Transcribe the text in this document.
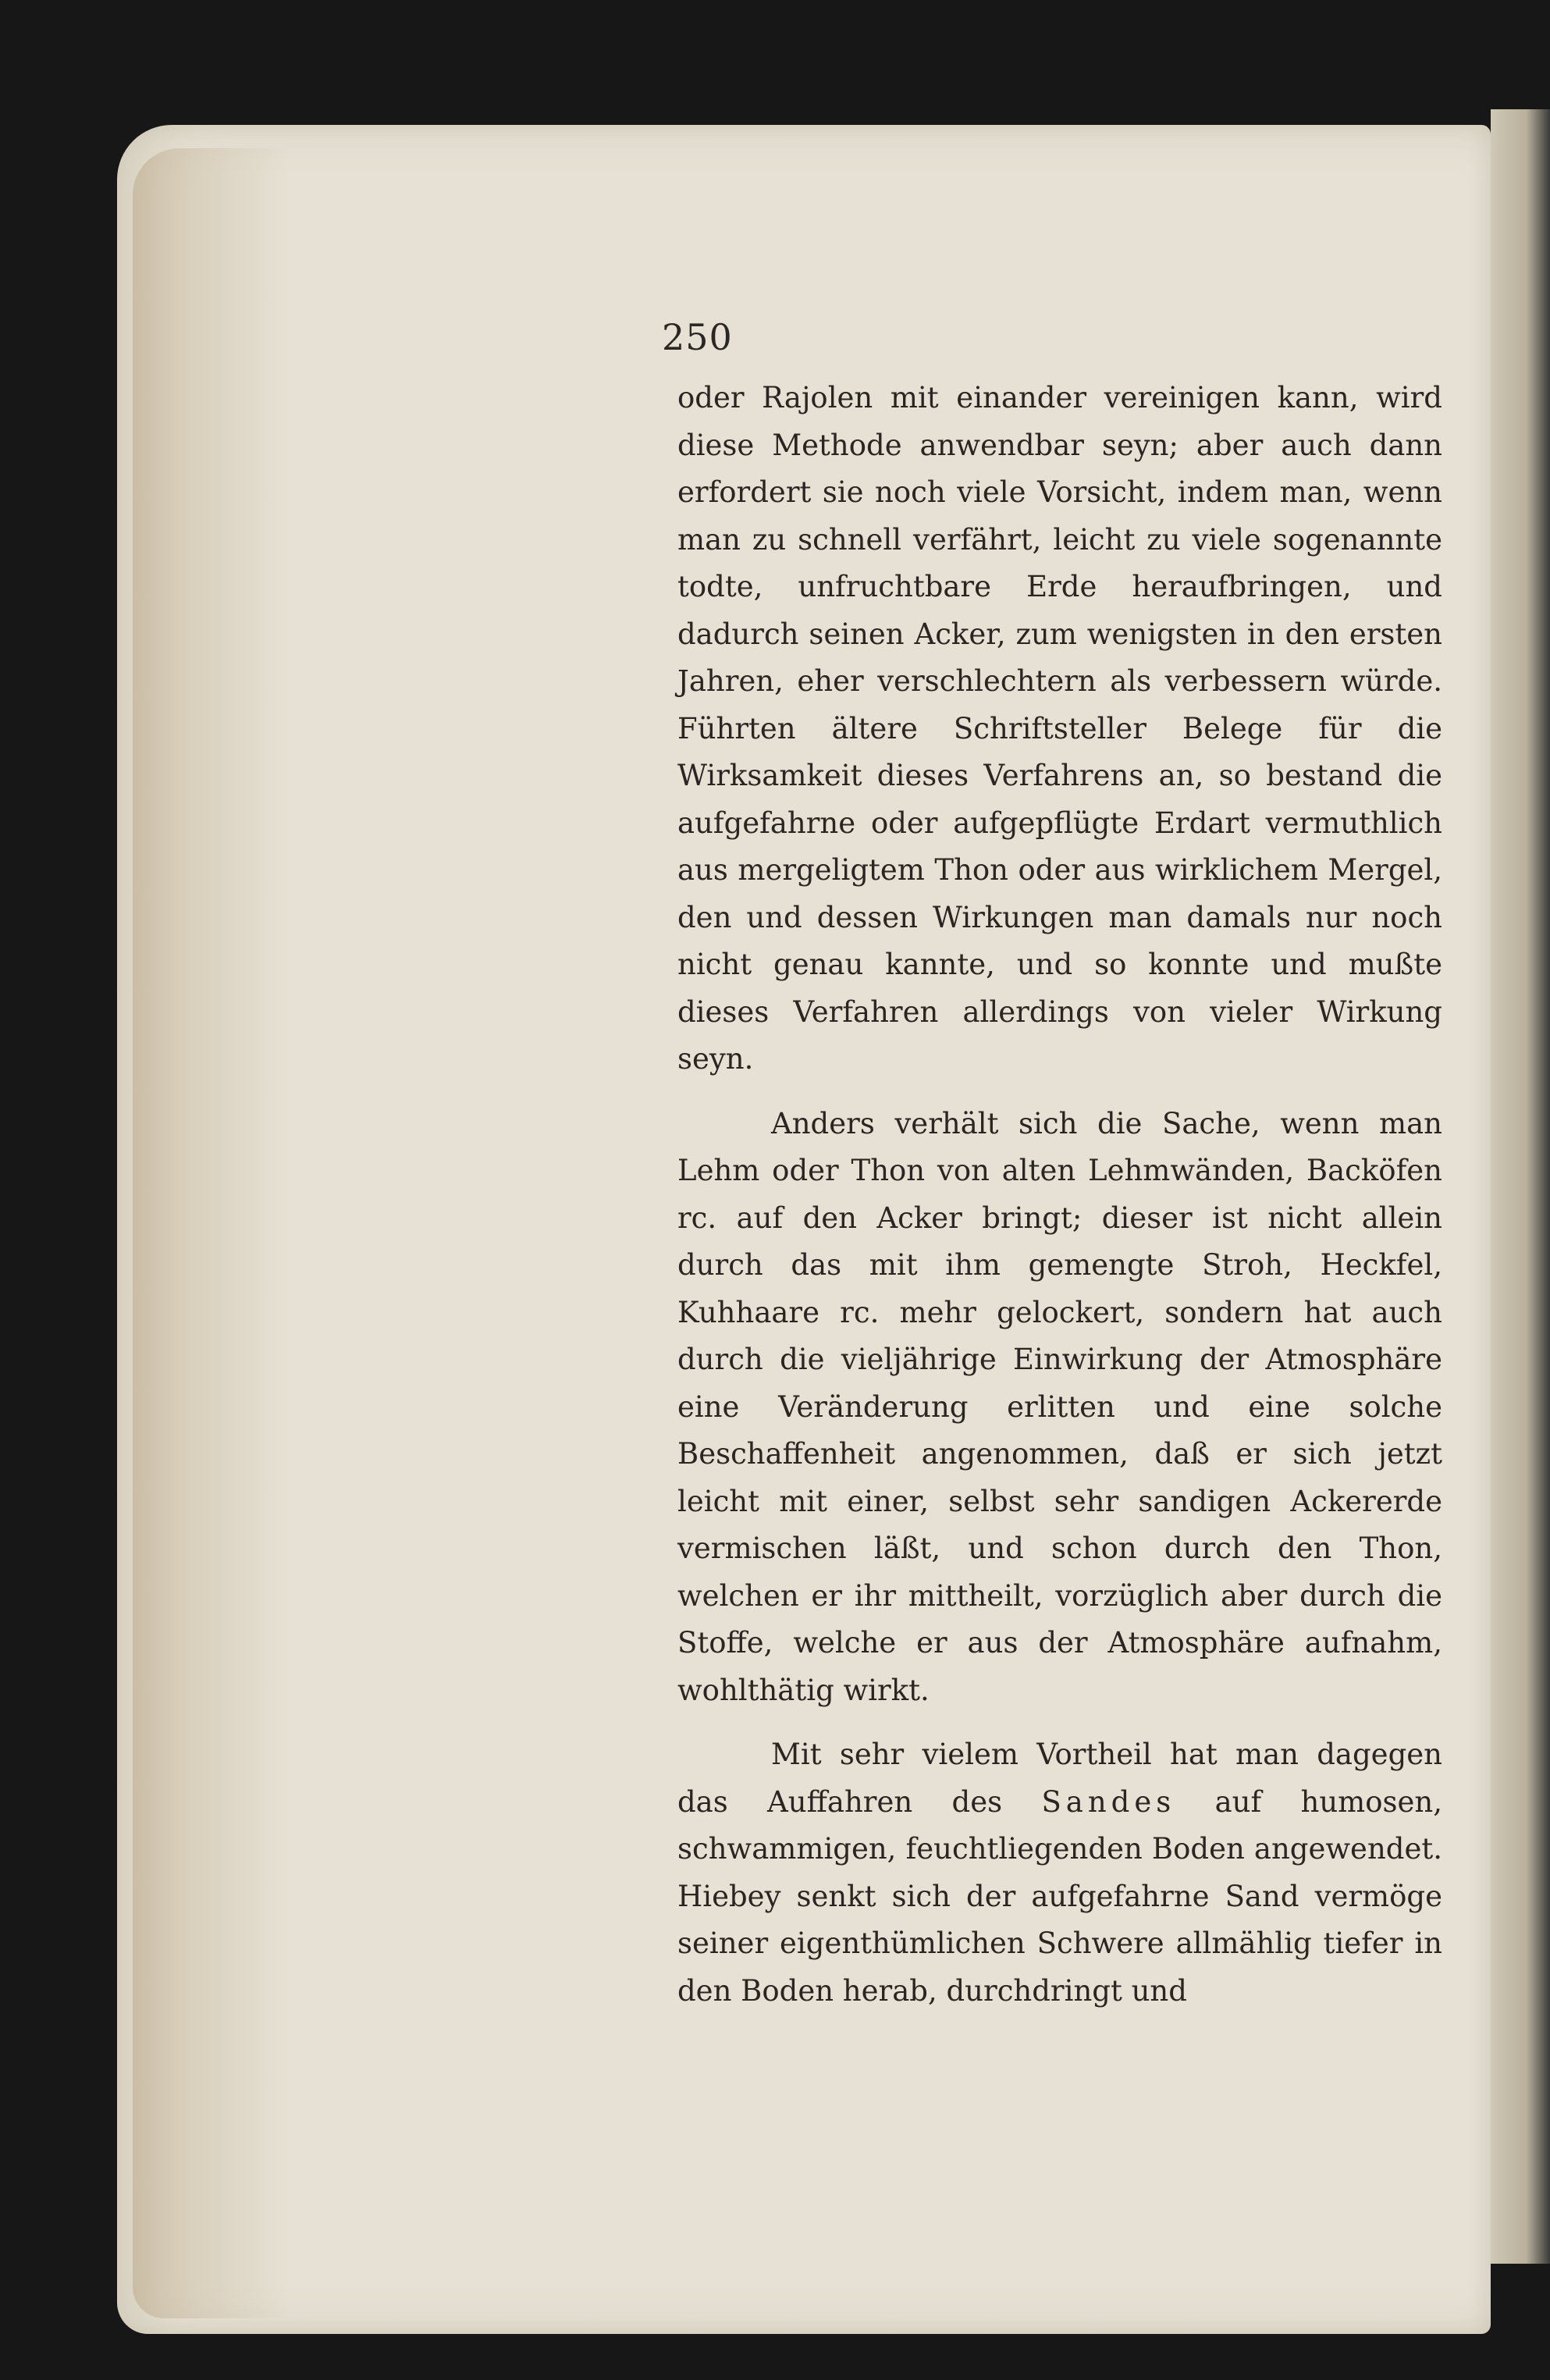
250

oder Rajolen mit einander vereinigen kann, wird diese Methode anwendbar seyn; aber auch dann erfordert sie noch viele Vorsicht, indem man, wenn man zu schnell verfährt, leicht zu viele sogenannte todte, unfruchtbare Erde heraufbringen, und dadurch seinen Acker, zum wenigsten in den ersten Jahren, eher verschlechtern als verbessern würde. Führten ältere Schriftsteller Belege für die Wirksamkeit dieses Verfahrens an, so bestand die aufgefahrne oder aufgepflügte Erdart vermuthlich aus mergeligtem Thon oder aus wirklichem Mergel, den und dessen Wirkungen man damals nur noch nicht genau kannte, und so konnte und mußte dieses Verfahren allerdings von vieler Wirkung seyn.

Anders verhält sich die Sache, wenn man Lehm oder Thon von alten Lehmwänden, Backöfen rc. auf den Acker bringt; dieser ist nicht allein durch das mit ihm gemengte Stroh, Heckfel, Kuhhaare rc. mehr gelockert, sondern hat auch durch die vieljährige Einwirkung der Atmosphäre eine Veränderung erlitten und eine solche Beschaffenheit angenommen, daß er sich jetzt leicht mit einer, selbst sehr sandigen Ackererde vermischen läßt, und schon durch den Thon, welchen er ihr mittheilt, vorzüglich aber durch die Stoffe, welche er aus der Atmosphäre aufnahm, wohlthätig wirkt.

Mit sehr vielem Vortheil hat man dagegen das Auffahren des Sandes auf humosen, schwammigen, feuchtliegenden Boden angewendet. Hiebey senkt sich der aufgefahrne Sand vermöge seiner eigenthümlichen Schwere allmählig tiefer in den Boden herab, durchdringt und
